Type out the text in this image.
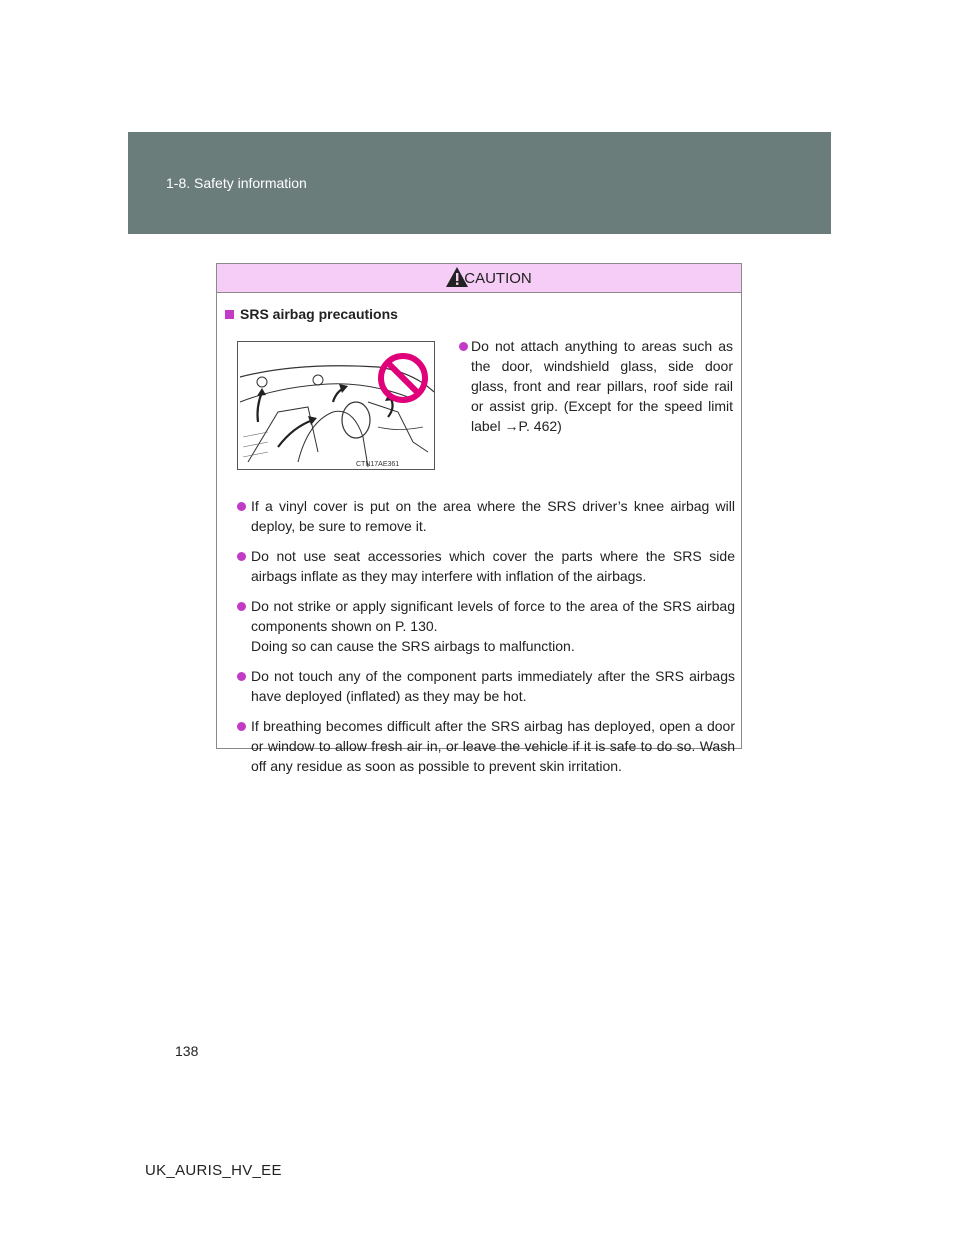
1-8. Safety information
CAUTION
SRS airbag precautions
CTN17AE361
Do not attach anything to areas such as the door, windshield glass, side door glass, front and rear pillars, roof side rail or assist grip. (Except for the speed limit label →P. 462)
If a vinyl cover is put on the area where the SRS driver’s knee airbag will deploy, be sure to remove it.
Do not use seat accessories which cover the parts where the SRS side airbags inflate as they may interfere with inflation of the airbags.
Do not strike or apply significant levels of force to the area of the SRS airbag components shown on P. 130.
Doing so can cause the SRS airbags to malfunction.
Do not touch any of the component parts immediately after the SRS airbags have deployed (inflated) as they may be hot.
If breathing becomes difficult after the SRS airbag has deployed, open a door or window to allow fresh air in, or leave the vehicle if it is safe to do so. Wash off any residue as soon as possible to prevent skin irritation.
138
UK_AURIS_HV_EE
